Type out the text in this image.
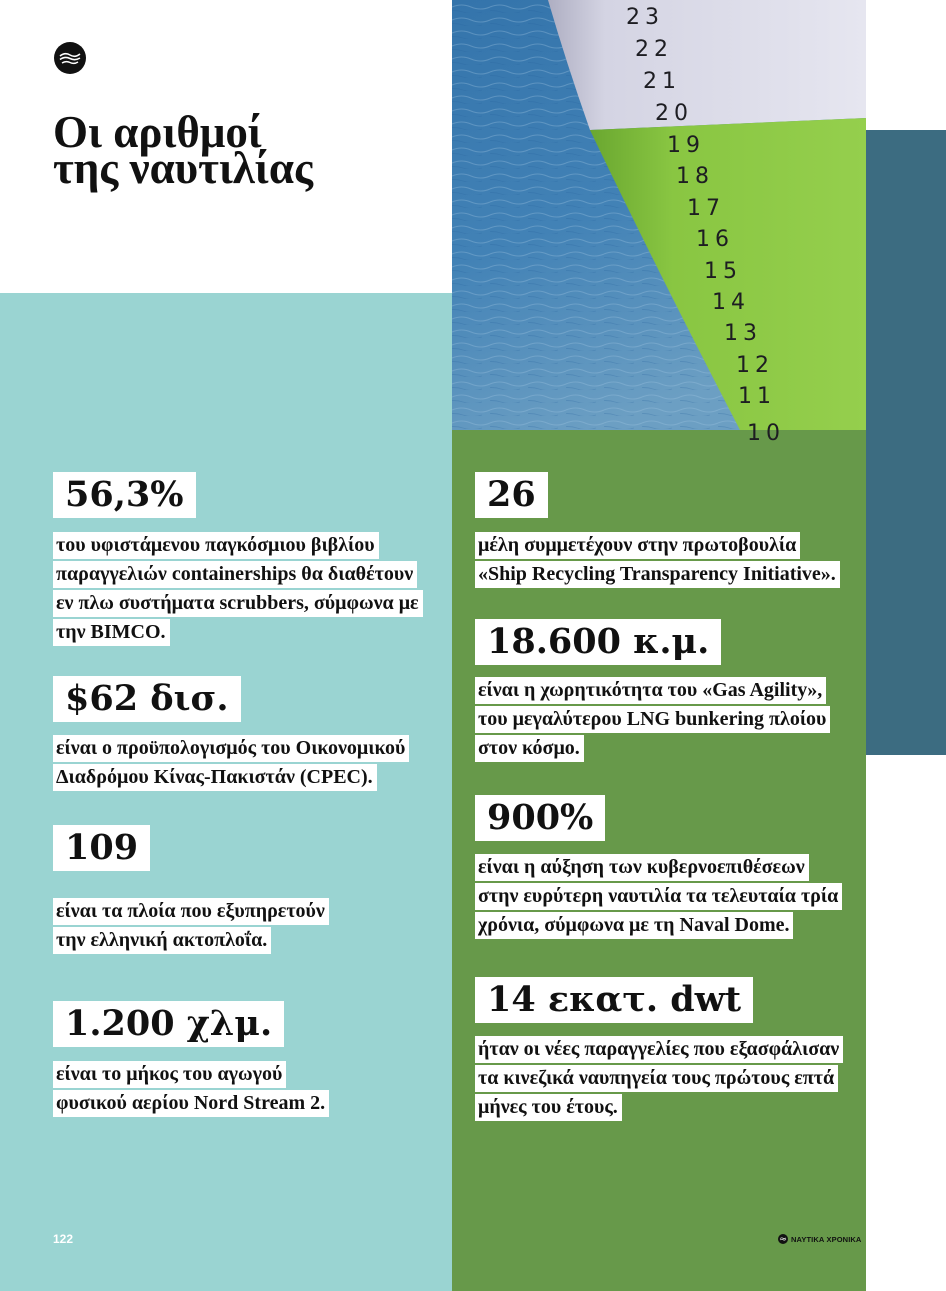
23
22
21
20
19
18
17
16
15
14
13
12
11
10
Οι αριθμοί
της ναυτιλίας
56,3%
του υφιστάμενου παγκόσμιου βιβλίου
παραγγελιών containerships θα διαθέτουν
εν πλω συστήματα scrubbers, σύμφωνα με
την BIMCO.
$62 δισ.
είναι ο προϋπολογισμός του Οικονομικού
Διαδρόμου Κίνας-Πακιστάν (CPEC).
109
είναι τα πλοία που εξυπηρετούν
την ελληνική ακτοπλοΐα.
1.200 χλμ.
είναι το μήκος του αγωγού
φυσικού αερίου Nord Stream 2.
26
μέλη συμμετέχουν στην πρωτοβουλία
«Ship Recycling Transparency Initiative».
18.600 κ.μ.
είναι η χωρητικότητα του «Gas Agility»,
του μεγαλύτερου LNG bunkering πλοίου
στον κόσμο.
900%
είναι η αύξηση των κυβερνοεπιθέσεων
στην ευρύτερη ναυτιλία τα τελευταία τρία
χρόνια, σύμφωνα με τη Naval Dome.
14 εκατ. dwt
ήταν οι νέες παραγγελίες που εξασφάλισαν
τα κινεζικά ναυπηγεία τους πρώτους επτά
μήνες του έτους.
122	ΝΑΥΤΙΚΑ ΧΡΟΝΙΚΑ
